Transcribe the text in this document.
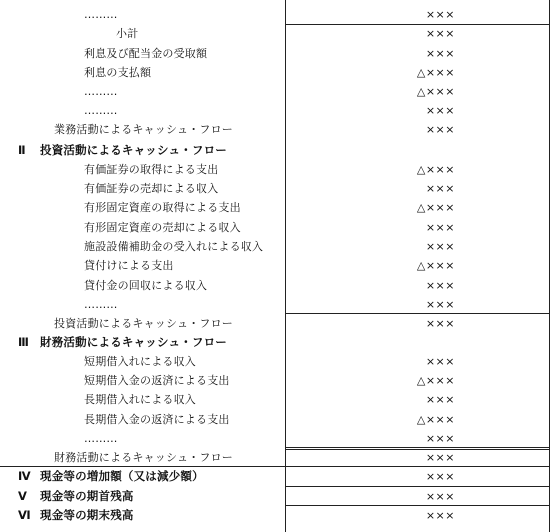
………	×××
小計	×××
利息及び配当金の受取額	×××
利息の支払額	△×××
………	△×××
………	×××
業務活動によるキャッシュ・フロー	×××
Ⅱ 投資活動によるキャッシュ・フロー
有価証券の取得による支出	△×××
有価証券の売却による収入	×××
有形固定資産の取得による支出	△×××
有形固定資産の売却による収入	×××
施設設備補助金の受入れによる収入	×××
貸付けによる支出	△×××
貸付金の回収による収入	×××
………	×××
投資活動によるキャッシュ・フロー	×××
Ⅲ 財務活動によるキャッシュ・フロー
短期借入れによる収入	×××
短期借入金の返済による支出	△×××
長期借入れによる収入	×××
長期借入金の返済による支出	△×××
………	×××
財務活動によるキャッシュ・フロー	×××
Ⅳ 現金等の増加額（又は減少額）	×××
Ⅴ 現金等の期首残高	×××
Ⅵ 現金等の期末残高	×××
